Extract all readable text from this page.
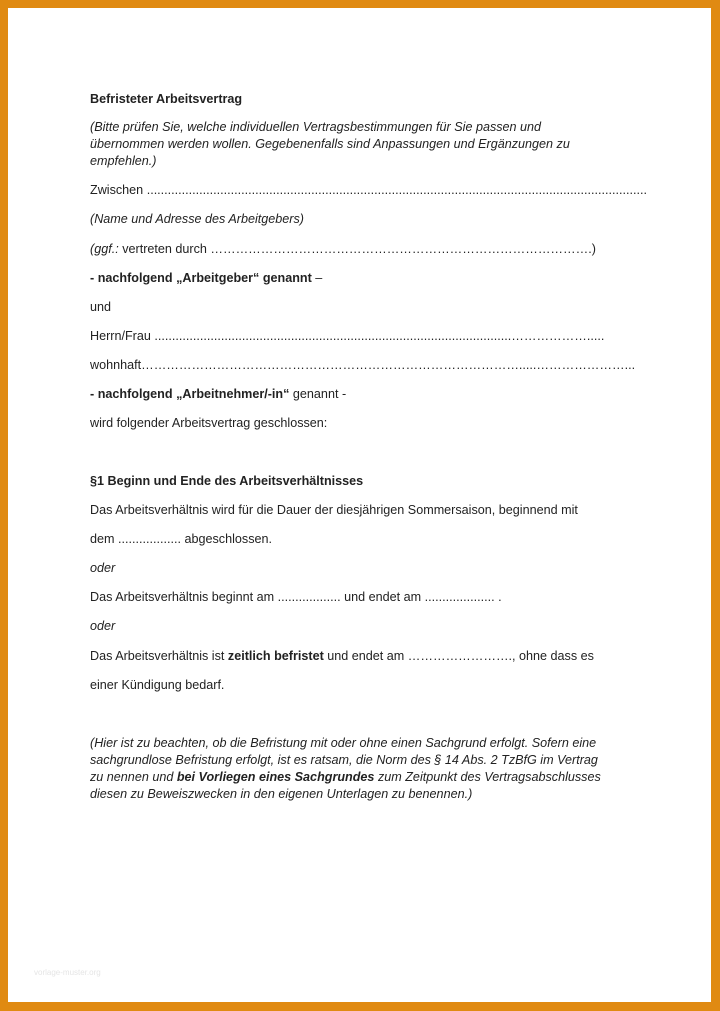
Befristeter Arbeitsvertrag
(Bitte prüfen Sie, welche individuellen Vertragsbestimmungen für Sie passen und
übernommen werden wollen. Gegebenenfalls sind Anpassungen und Ergänzungen zu
empfehlen.)
Zwischen ...............................................................................................................................................
(Name und Adresse des Arbeitgebers)
(ggf.: vertreten durch ……………………………………………………………………………….)
- nachfolgend „Arbeitgeber“ genannt –
und
Herrn/Frau ......................................................................................................……………….....
wohnhaft……………………………………………………………………………….....…………………...
- nachfolgend „Arbeitnehmer/-in“ genannt -
wird folgender Arbeitsvertrag geschlossen:
§1 Beginn und Ende des Arbeitsverhältnisses
Das Arbeitsverhältnis wird für die Dauer der diesjährigen Sommersaison, beginnend mit
dem .................. abgeschlossen.
oder
Das Arbeitsverhältnis beginnt am .................. und endet am .................... .
oder
Das Arbeitsverhältnis ist zeitlich befristet und endet am ……………………., ohne dass es
einer Kündigung bedarf.
(Hier ist zu beachten, ob die Befristung mit oder ohne einen Sachgrund erfolgt. Sofern eine
sachgrundlose Befristung erfolgt, ist es ratsam, die Norm des § 14 Abs. 2 TzBfG im Vertrag
zu nennen und bei Vorliegen eines Sachgrundes zum Zeitpunkt des Vertragsabschlusses
diesen zu Beweiszwecken in den eigenen Unterlagen zu benennen.)
vorlage-muster.org
